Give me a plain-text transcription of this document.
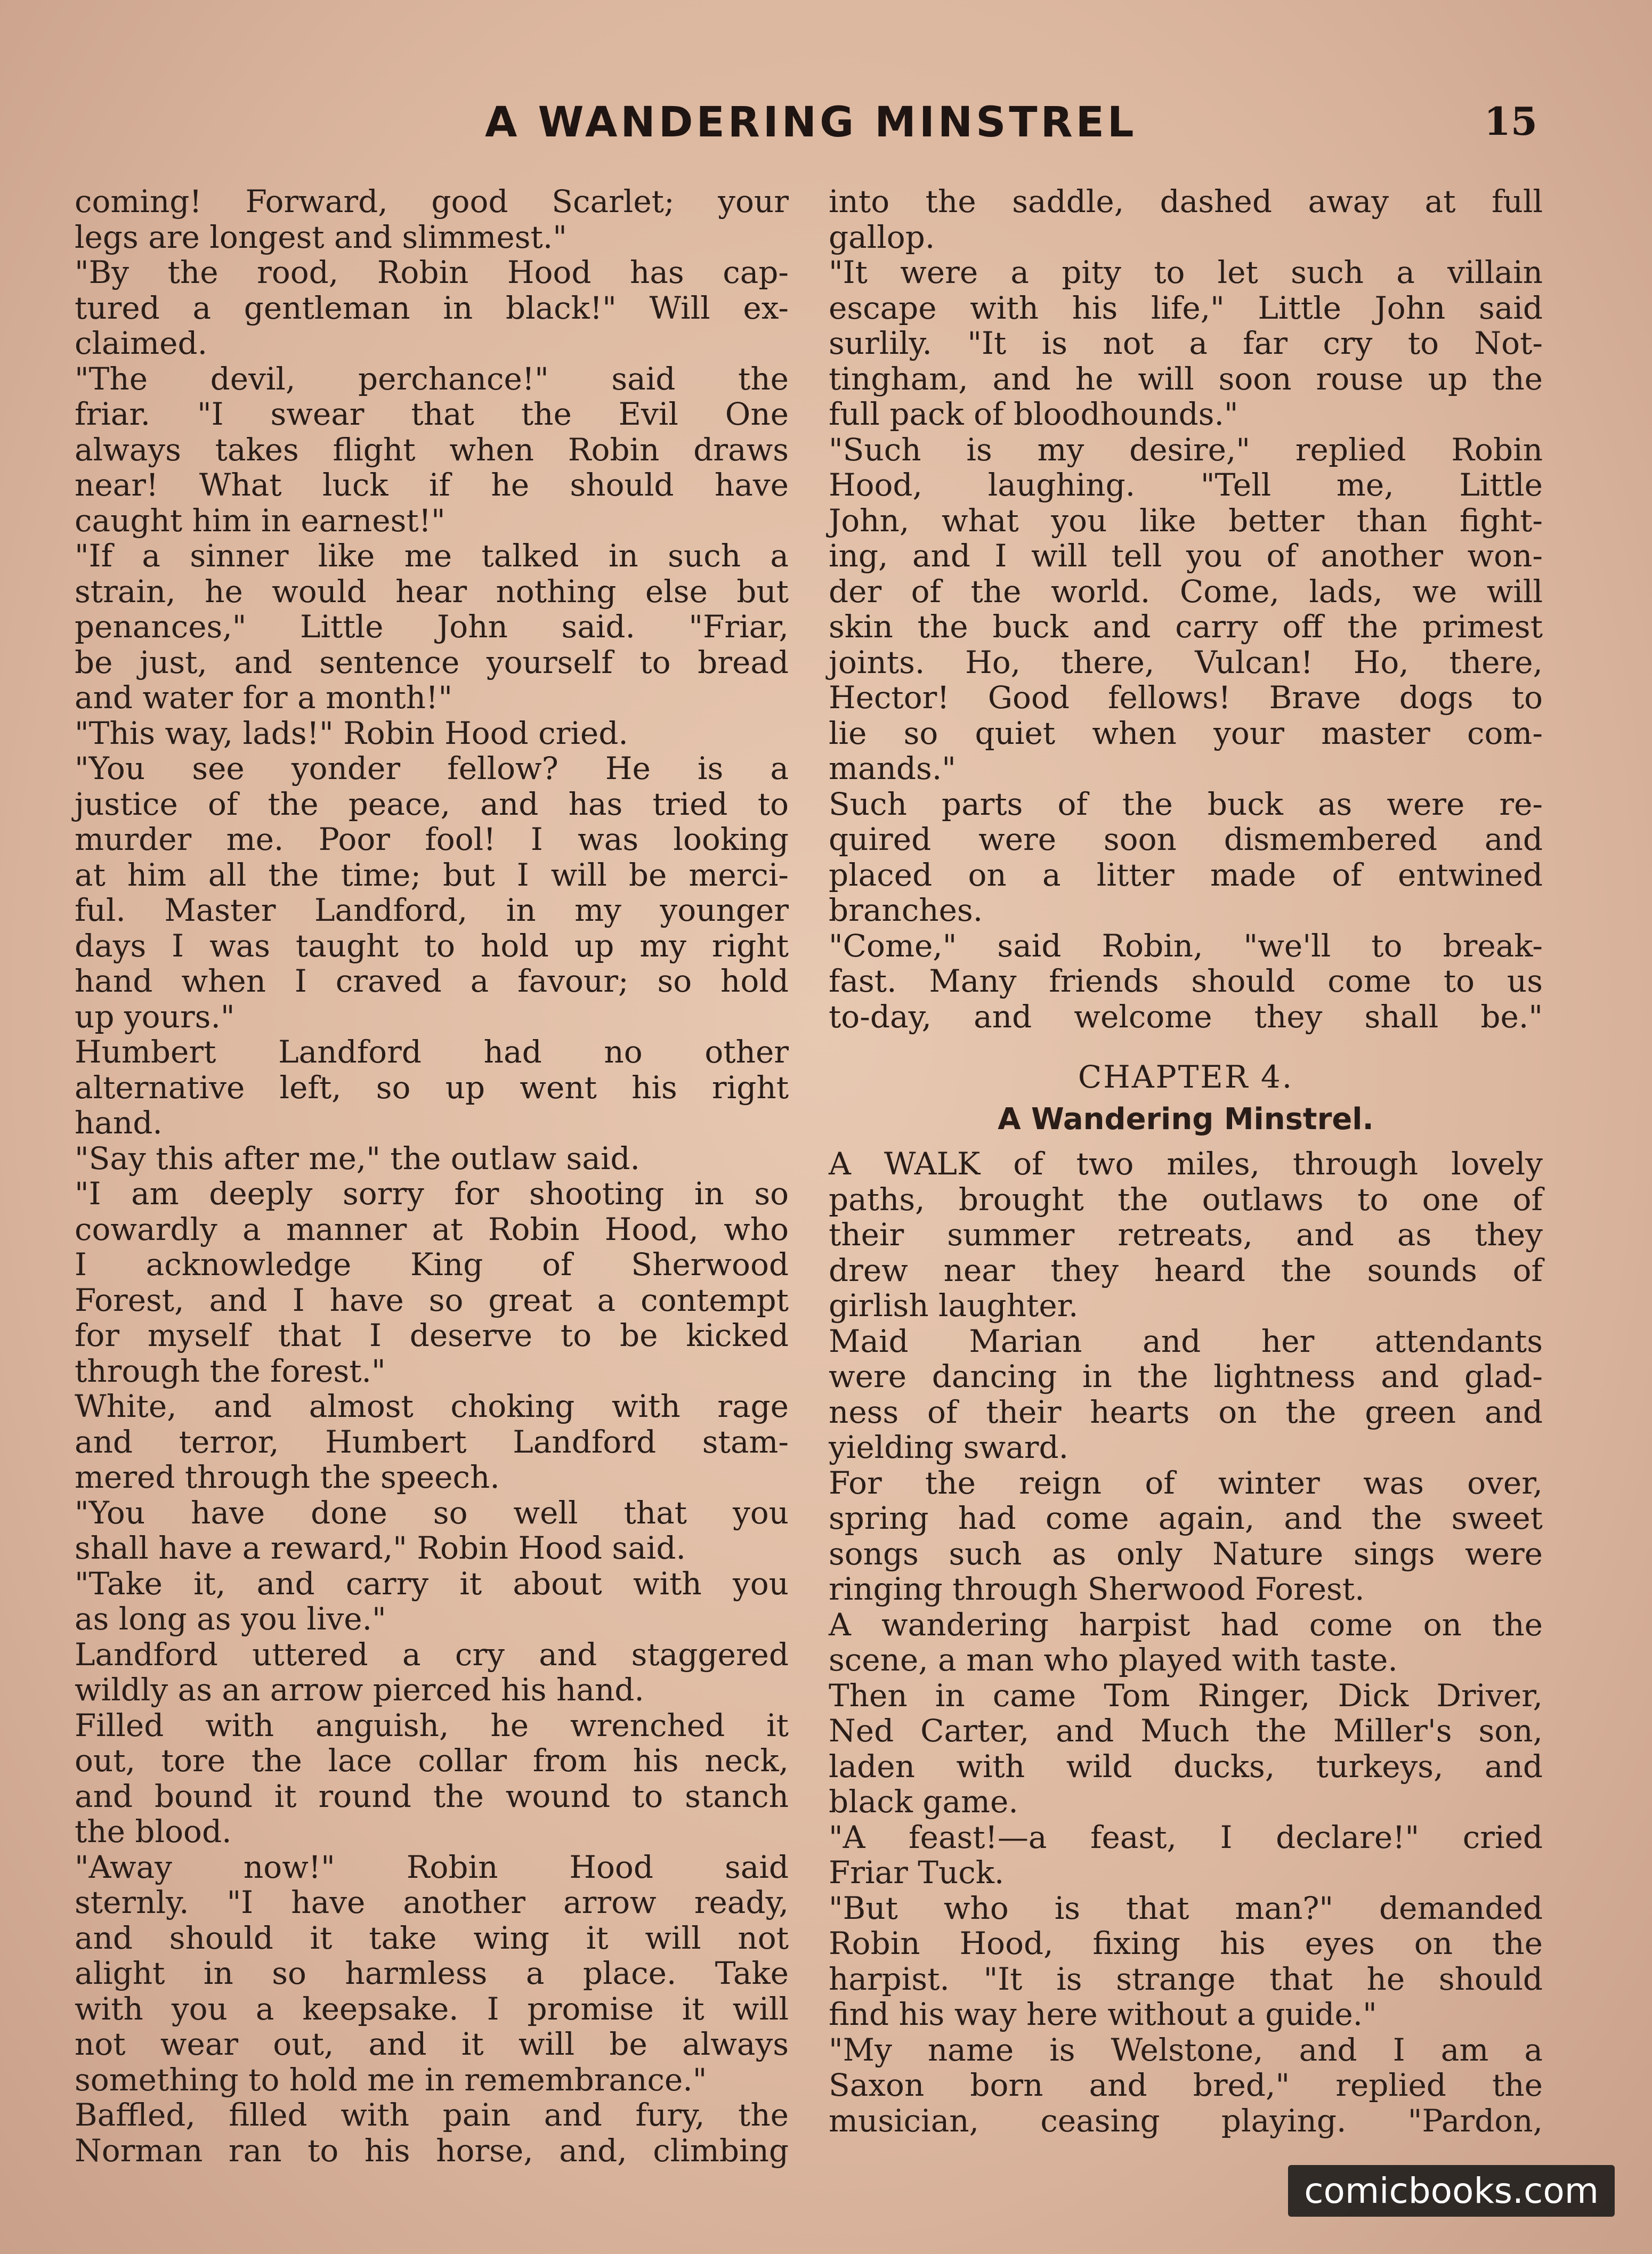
A WANDERING MINSTREL	15
coming! Forward, good Scarlet; your
legs are longest and slimmest."
"By the rood, Robin Hood has cap-
tured a gentleman in black!" Will ex-
claimed.
"The devil, perchance!" said the
friar. "I swear that the Evil One
always takes flight when Robin draws
near! What luck if he should have
caught him in earnest!"
"If a sinner like me talked in such a
strain, he would hear nothing else but
penances," Little John said. "Friar,
be just, and sentence yourself to bread
and water for a month!"
"This way, lads!" Robin Hood cried.
"You see yonder fellow? He is a
justice of the peace, and has tried to
murder me. Poor fool! I was looking
at him all the time; but I will be merci-
ful. Master Landford, in my younger
days I was taught to hold up my right
hand when I craved a favour; so hold
up yours."
Humbert Landford had no other
alternative left, so up went his right
hand.
"Say this after me," the outlaw said.
"I am deeply sorry for shooting in so
cowardly a manner at Robin Hood, who
I acknowledge King of Sherwood
Forest, and I have so great a contempt
for myself that I deserve to be kicked
through the forest."
White, and almost choking with rage
and terror, Humbert Landford stam-
mered through the speech.
"You have done so well that you
shall have a reward," Robin Hood said.
"Take it, and carry it about with you
as long as you live."
Landford uttered a cry and staggered
wildly as an arrow pierced his hand.
Filled with anguish, he wrenched it
out, tore the lace collar from his neck,
and bound it round the wound to stanch
the blood.
"Away now!" Robin Hood said
sternly. "I have another arrow ready,
and should it take wing it will not
alight in so harmless a place. Take
with you a keepsake. I promise it will
not wear out, and it will be always
something to hold me in remembrance."
Baffled, filled with pain and fury, the
Norman ran to his horse, and, climbing
into the saddle, dashed away at full
gallop.
"It were a pity to let such a villain
escape with his life," Little John said
surlily. "It is not a far cry to Not-
tingham, and he will soon rouse up the
full pack of bloodhounds."
"Such is my desire," replied Robin
Hood, laughing. "Tell me, Little
John, what you like better than fight-
ing, and I will tell you of another won-
der of the world. Come, lads, we will
skin the buck and carry off the primest
joints. Ho, there, Vulcan! Ho, there,
Hector! Good fellows! Brave dogs to
lie so quiet when your master com-
mands."
Such parts of the buck as were re-
quired were soon dismembered and
placed on a litter made of entwined
branches.
"Come," said Robin, "we'll to break-
fast. Many friends should come to us
to-day, and welcome they shall be."
CHAPTER 4.
A Wandering Minstrel.
A WALK of two miles, through lovely
paths, brought the outlaws to one of
their summer retreats, and as they
drew near they heard the sounds of
girlish laughter.
Maid Marian and her attendants
were dancing in the lightness and glad-
ness of their hearts on the green and
yielding sward.
For the reign of winter was over,
spring had come again, and the sweet
songs such as only Nature sings were
ringing through Sherwood Forest.
A wandering harpist had come on the
scene, a man who played with taste.
Then in came Tom Ringer, Dick Driver,
Ned Carter, and Much the Miller's son,
laden with wild ducks, turkeys, and
black game.
"A feast!—a feast, I declare!" cried
Friar Tuck.
"But who is that man?" demanded
Robin Hood, fixing his eyes on the
harpist. "It is strange that he should
find his way here without a guide."
"My name is Welstone, and I am a
Saxon born and bred," replied the
musician, ceasing playing. "Pardon,
comicbooks.com
